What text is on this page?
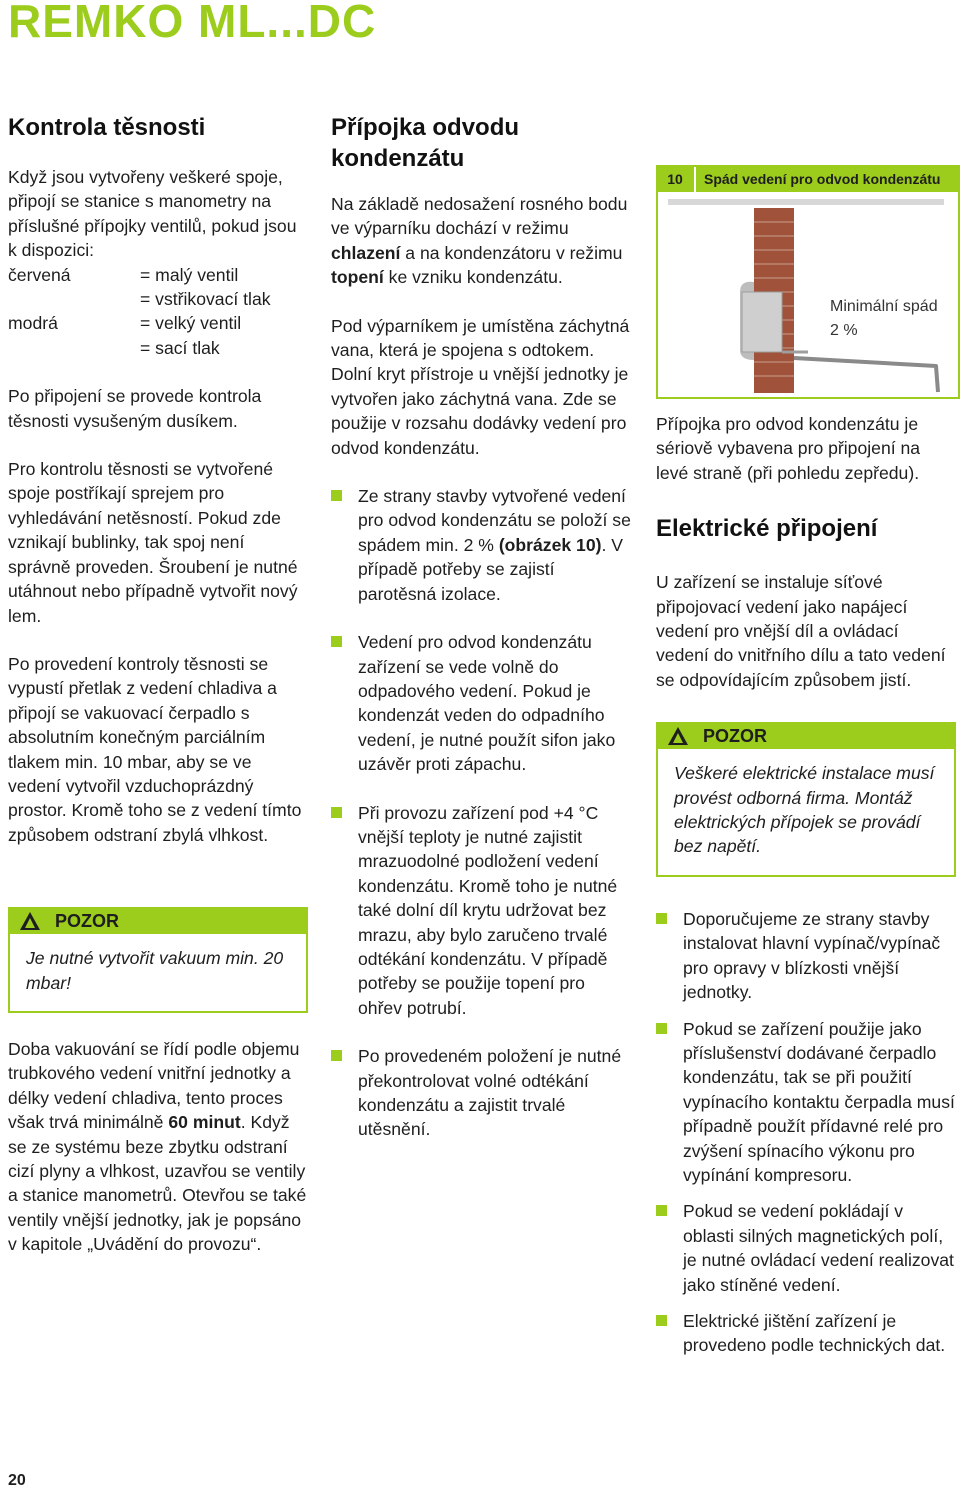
REMKO ML...DC
Kontrola těsnosti

Když jsou vytvořeny veškeré spoje, připojí se stanice s manometry na příslušné přípojky ventilů, pokud jsou k dispozici:

červená	= malý ventil
= vstřikovací tlak
modrá	= velký ventil
= sací tlak

Po připojení se provede kontrola těsnosti vysušeným dusíkem.

Pro kontrolu těsnosti se vytvořené spoje postříkají sprejem pro vyhledávání netěsností. Pokud zde vznikají bublinky, tak spoj není správně proveden. Šroubení je nutné utáhnout nebo případně vytvořit nový lem.

Po provedení kontroly těsnosti se vypustí přetlak z vedení chladiva a připojí se vakuovací čerpadlo s absolutním konečným parciálním tlakem min. 10 mbar, aby se ve vedení vytvořil vzduchoprázdný prostor. Kromě toho se z vedení tímto způsobem odstraní zbylá vlhkost.

POZOR
Je nutné vytvořit vakuum min. 20 mbar!

Doba vakuování se řídí podle objemu trubkového vedení vnitřní jednotky a délky vedení chladiva, tento proces však trvá minimálně 60 minut. Když se ze systému beze zbytku odstraní cizí plyny a vlhkost, uzavřou se ventily a stanice manometrů. Otevřou se také ventily vnější jednotky, jak je popsáno v kapitole „Uvádění do provozu“.

Přípojka odvodu kondenzátu

Na základě nedosažení rosného bodu ve výparníku dochází v režimu chlazení a na kondenzátoru v režimu topení ke vzniku kondenzátu.

Pod výparníkem je umístěna záchytná vana, která je spojena s odtokem.

Dolní kryt přístroje u vnější jednotky je vytvořen jako záchytná vana. Zde se použije v rozsahu dodávky vedení pro odvod kondenzátu.

Ze strany stavby vytvořené vedení pro odvod kondenzátu se položí se spádem min. 2 % (obrázek 10). V případě potřeby se zajistí parotěsná izolace.
Vedení pro odvod kondenzátu zařízení se vede volně do odpadového vedení. Pokud je kondenzát veden do odpadního vedení, je nutné použít sifon jako uzávěr proti zápachu.
Při provozu zařízení pod +4 °C vnější teploty je nutné zajistit mrazuodolné podložení vedení kondenzátu. Kromě toho je nutné také dolní díl krytu udržovat bez mrazu, aby bylo zaručeno trvalé odtékání kondenzátu. V případě potřeby se použije topení pro ohřev potrubí.
Po provedeném položení je nutné překontrolovat volné odtékání kondenzátu a zajistit trvalé utěsnění.
10	Spád vedení pro odvod kondenzátu
Minimální spád
2 %

Přípojka pro odvod kondenzátu je sériově vybavena pro připojení na levé straně (při pohledu zepředu).

Elektrické připojení

U zařízení se instaluje síťové připojovací vedení jako napájecí vedení pro vnější díl a ovládací vedení do vnitřního dílu a tato vedení se odpovídajícím způsobem jistí.

POZOR
Veškeré elektrické instalace musí provést odborná firma. Montáž elektrických přípojek se provádí bez napětí.
Doporučujeme ze strany stavby instalovat hlavní vypínač/vypínač pro opravy v blízkosti vnější jednotky.
Pokud se zařízení použije jako příslušenství dodávané čerpadlo kondenzátu, tak se při použití vypínacího kontaktu čerpadla musí případně použít přídavné relé pro zvýšení spínacího výkonu pro vypínání kompresoru.
Pokud se vedení pokládají v oblasti silných magnetických polí, je nutné ovládací vedení realizovat jako stíněné vedení.
Elektrické jištění zařízení je provedeno podle technických dat.
20
